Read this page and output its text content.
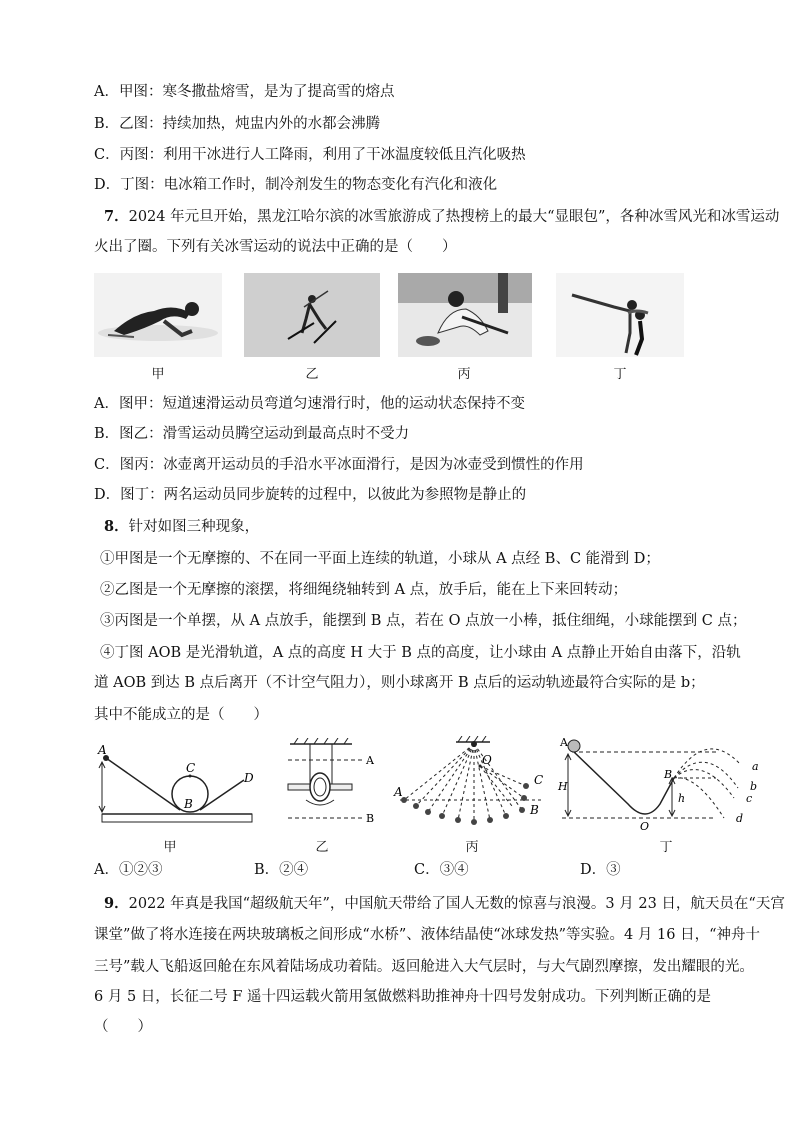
A．甲图：寒冬撒盐熔雪，是为了提高雪的熔点
B．乙图：持续加热，炖盅内外的水都会沸腾
C．丙图：利用干冰进行人工降雨，利用了干冰温度较低且汽化吸热
D．丁图：电冰箱工作时，制冷剂发生的物态变化有汽化和液化
7．2024 年元旦开始，黑龙江哈尔滨的冰雪旅游成了热搜榜上的最大“显眼包”，各种冰雪风光和冰雪运动
火出了圈。下列有关冰雪运动的说法中正确的是（　　）
甲	乙	丙	丁
A．图甲：短道速滑运动员弯道匀速滑行时，他的运动状态保持不变
B．图乙：滑雪运动员腾空运动到最高点时不受力
C．图丙：冰壶离开运动员的手沿水平冰面滑行，是因为冰壶受到惯性的作用
D．图丁：两名运动员同步旋转的过程中，以彼此为参照物是静止的
8．针对如图三种现象，
①甲图是一个无摩擦的、不在同一平面上连续的轨道，小球从 A 点经 B、C 能滑到 D；
②乙图是一个无摩擦的滚摆，将细绳绕轴转到 A 点，放手后，能在上下来回转动；
③丙图是一个单摆，从 A 点放手，能摆到 B 点，若在 O 点放一小棒，抵住细绳，小球能摆到 C 点；
④丁图 AOB 是光滑轨道，A 点的高度 H 大于 B 点的高度，让小球由 A 点静止开始自由落下，沿轨
道 AOB 到达 B 点后离开（不计空气阻力），则小球离开 B 点后的运动轨迹最符合实际的是 b；
其中不能成立的是（　　）
A
C
B
D
A
B
A
O
C
B
A
H
B
h
O
a
b
c
d
甲	乙	丙	丁
A．①②③	B．②④	C．③④	D．③
9．2022 年真是我国“超级航天年”，中国航天带给了国人无数的惊喜与浪漫。3 月 23 日，航天员在“天宫
课堂”做了将水连接在两块玻璃板之间形成“水桥”、液体结晶使“冰球发热”等实验。4 月 16 日，“神舟十
三号”载人飞船返回舱在东风着陆场成功着陆。返回舱进入大气层时，与大气剧烈摩擦，发出耀眼的光。
6 月 5 日，长征二号 F 遥十四运载火箭用氢做燃料助推神舟十四号发射成功。下列判断正确的是
（　　）
